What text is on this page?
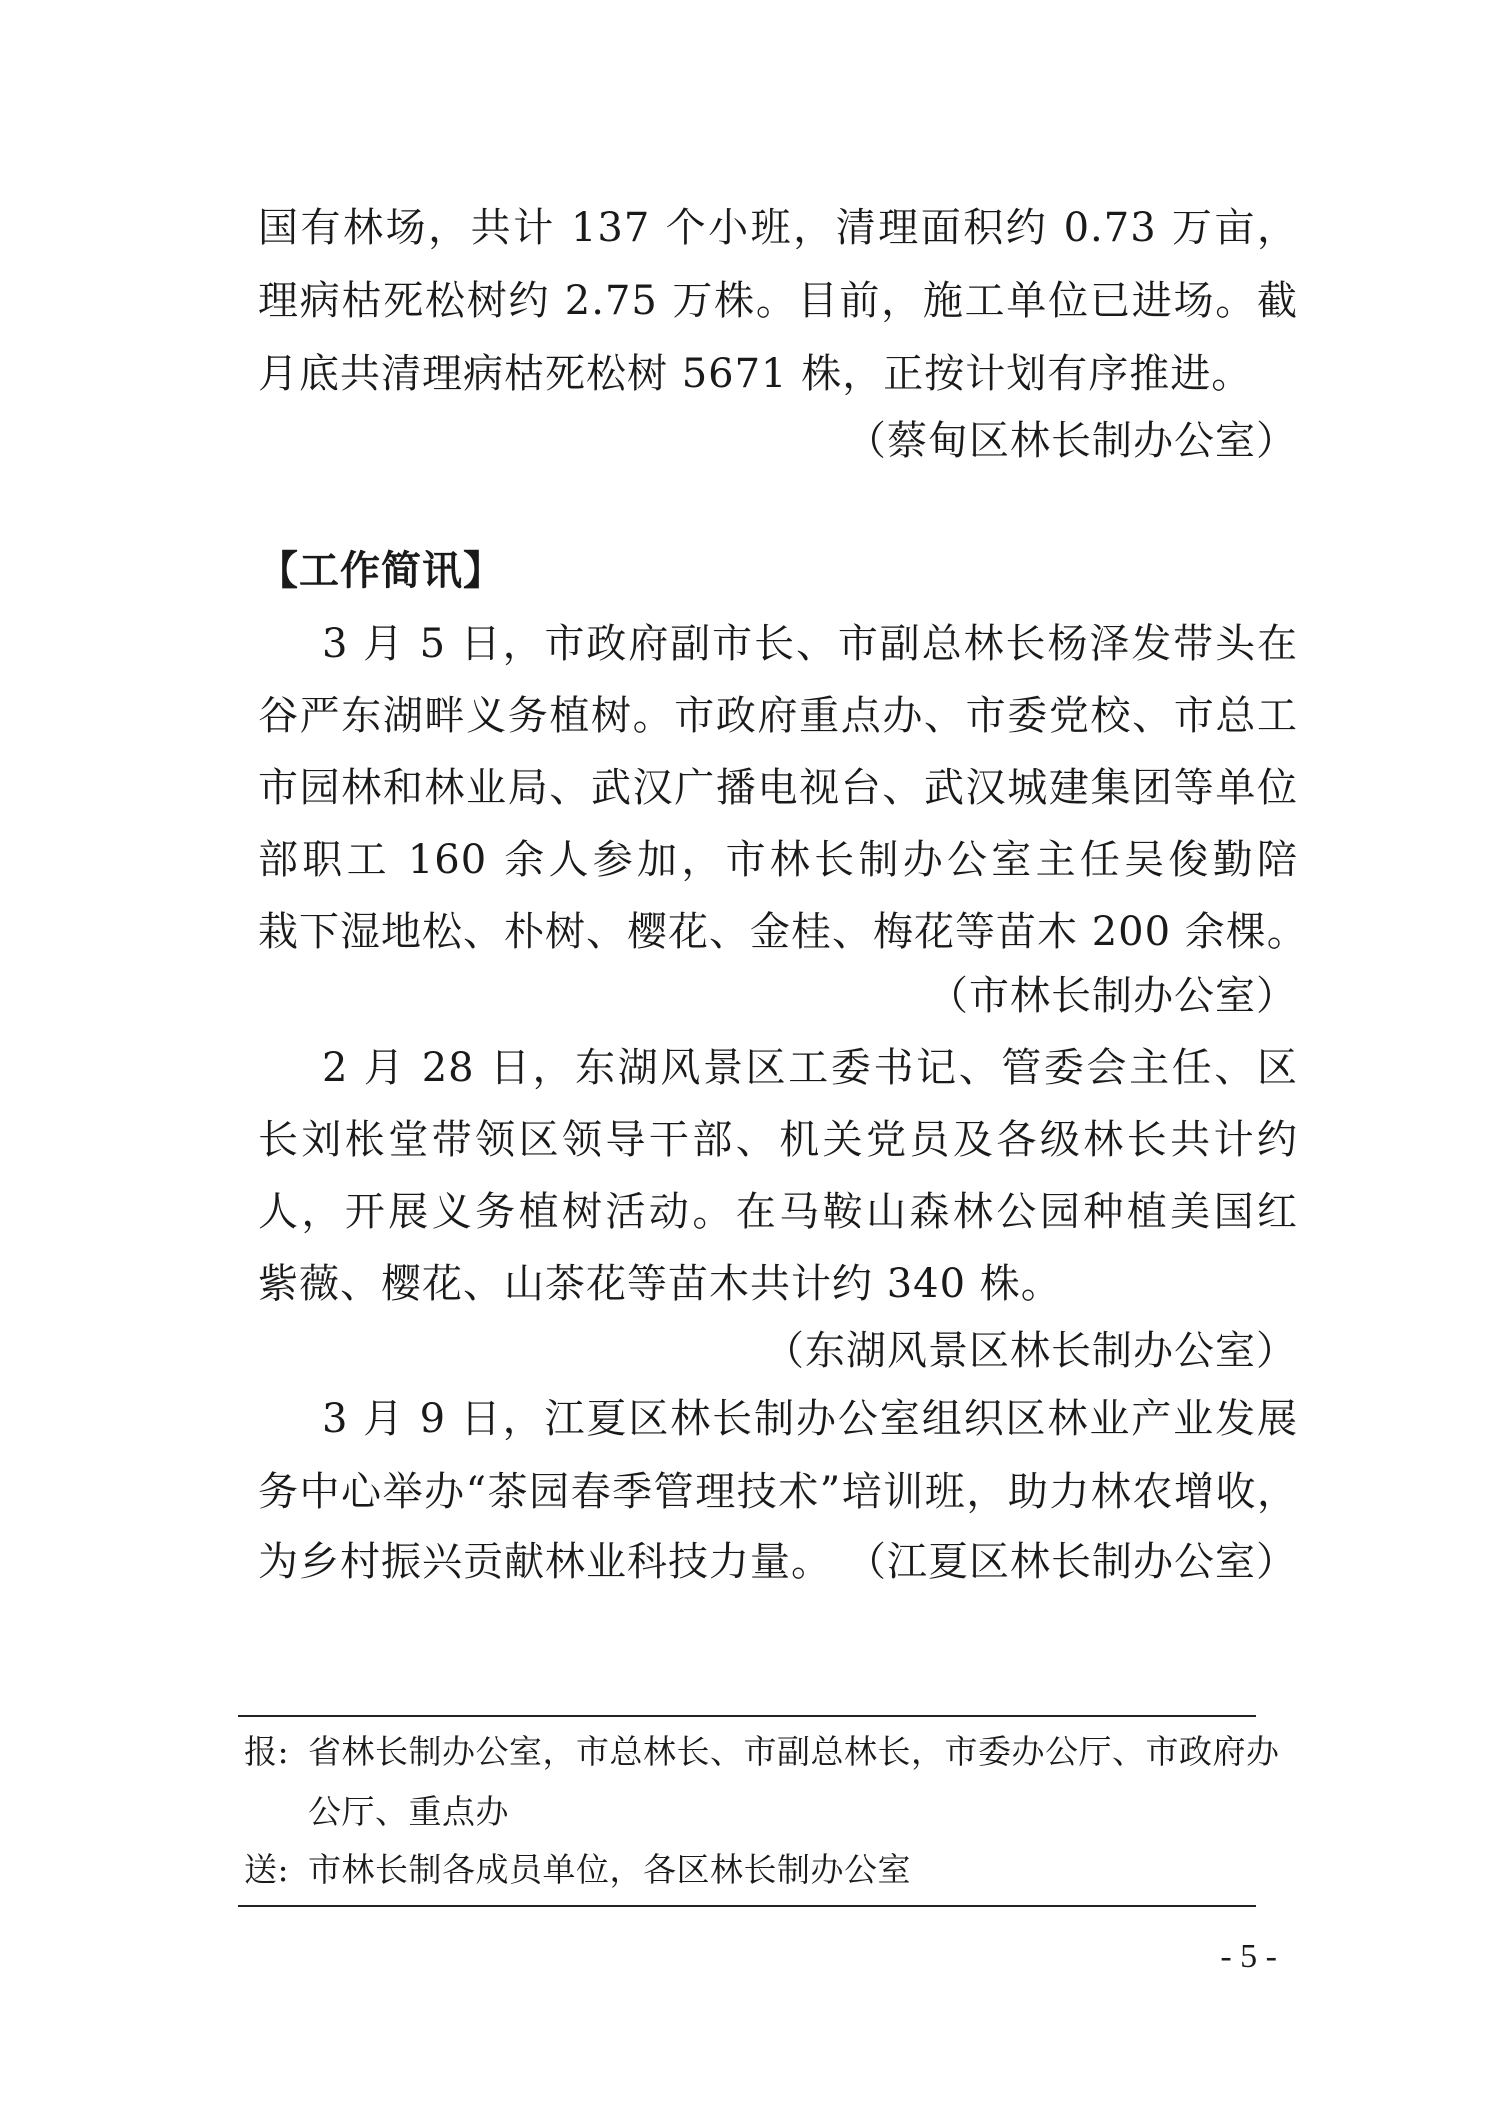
国有林场，共计 137 个小班，清理面积约 0.73 万亩，
理病枯死松树约 2.75 万株。目前，施工单位已进场。截
月底共清理病枯死松树 5671 株，正按计划有序推进。
（蔡甸区林长制办公室）
【工作简讯】
3 月 5 日，市政府副市长、市副总林长杨泽发带头在
谷严东湖畔义务植树。市政府重点办、市委党校、市总工
市园林和林业局、武汉广播电视台、武汉城建集团等单位
部职工 160 余人参加，市林长制办公室主任吴俊勤陪
栽下湿地松、朴树、樱花、金桂、梅花等苗木 200 余棵。
（市林长制办公室）
2 月 28 日，东湖风景区工委书记、管委会主任、区
长刘枨堂带领区领导干部、机关党员及各级林长共计约
人，开展义务植树活动。在马鞍山森林公园种植美国红
紫薇、樱花、山茶花等苗木共计约 340 株。
（东湖风景区林长制办公室）
3 月 9 日，江夏区林长制办公室组织区林业产业发展
务中心举办“茶园春季管理技术”培训班，助力林农增收，
为乡村振兴贡献林业科技力量。 （江夏区林长制办公室）
报: 省林长制办公室，市总林长、市副总林长，市委办公厅、市政府办
公厅、重点办
送: 市林长制各成员单位，各区林长制办公室
- 5 -
